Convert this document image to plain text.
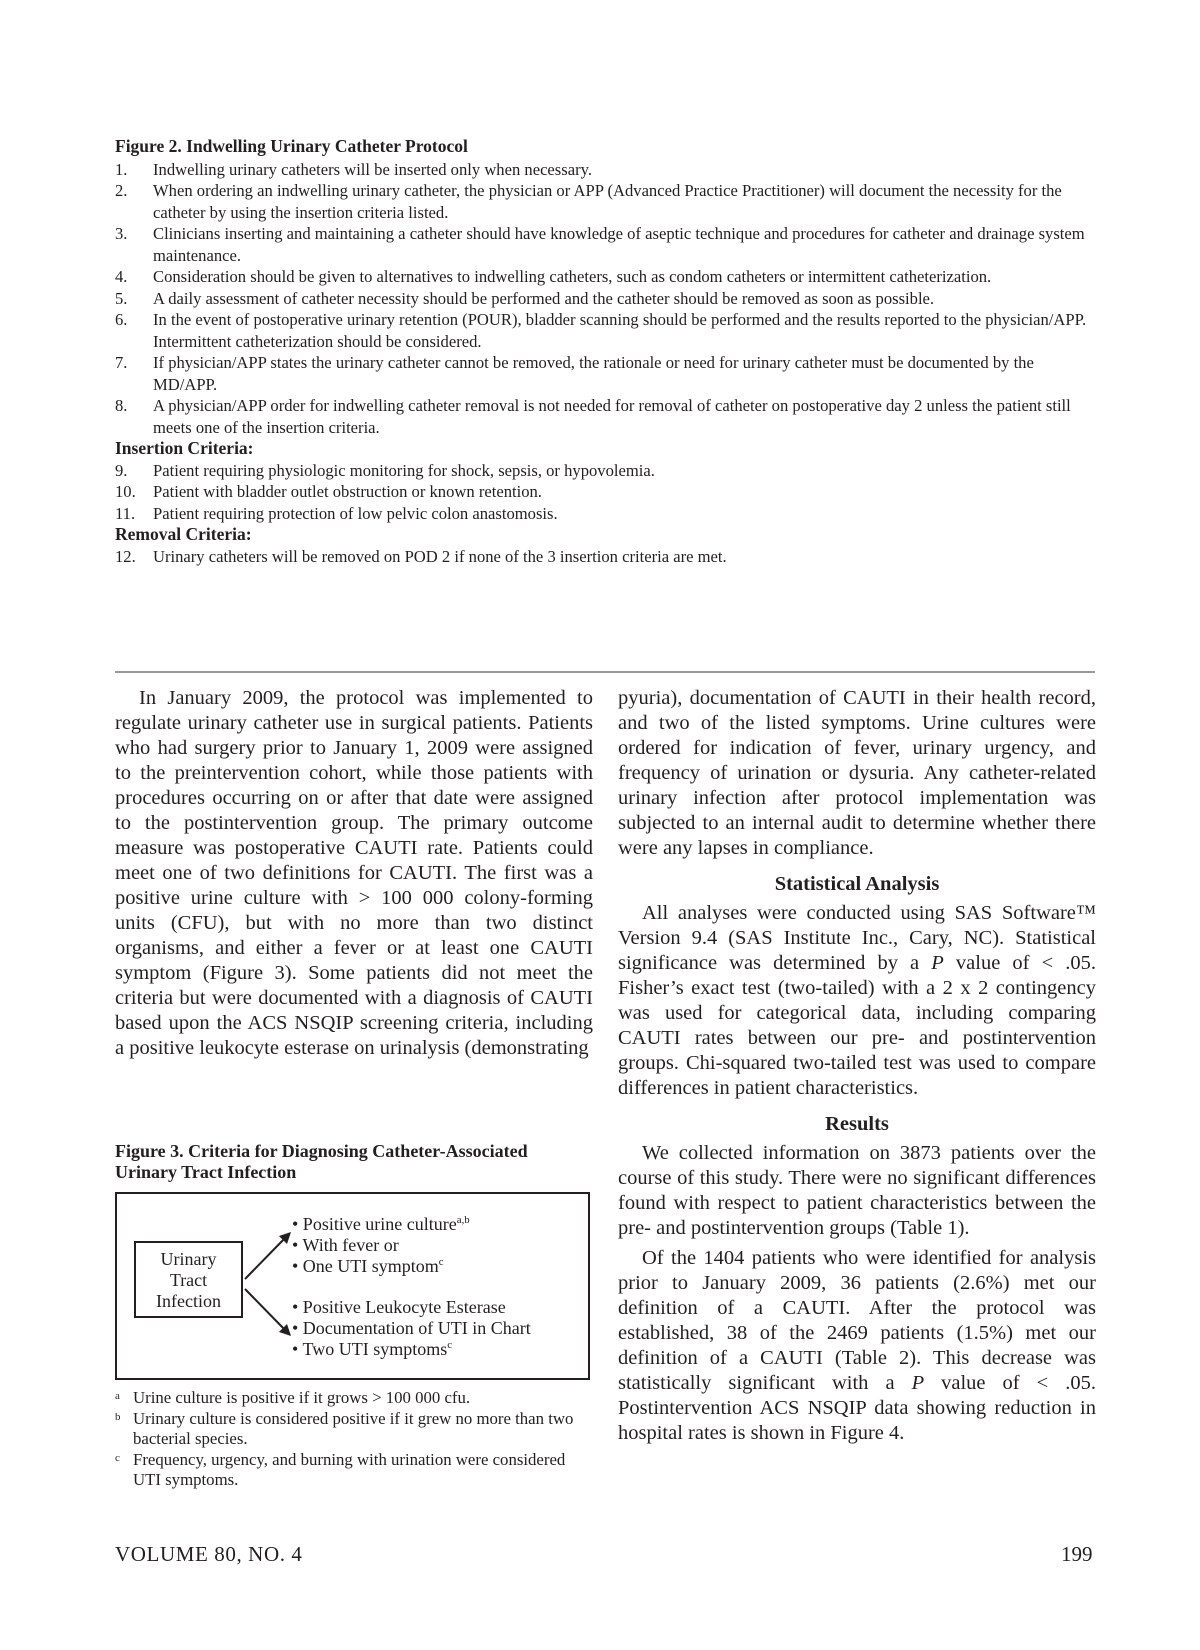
Figure 2. Indwelling Urinary Catheter Protocol
1.	Indwelling urinary catheters will be inserted only when necessary.
2.	When ordering an indwelling urinary catheter, the physician or APP (Advanced Practice Practitioner) will document the necessity for the catheter by using the insertion criteria listed.
3.	Clinicians inserting and maintaining a catheter should have knowledge of aseptic technique and procedures for catheter and drainage system maintenance.
4.	Consideration should be given to alternatives to indwelling catheters, such as condom catheters or intermittent catheterization.
5.	A daily assessment of catheter necessity should be performed and the catheter should be removed as soon as possible.
6.	In the event of postoperative urinary retention (POUR), bladder scanning should be performed and the results reported to the physician/APP. Intermittent catheterization should be considered.
7.	If physician/APP states the urinary catheter cannot be removed, the rationale or need for urinary catheter must be documented by the MD/APP.
8.	A physician/APP order for indwelling catheter removal is not needed for removal of catheter on postoperative day 2 unless the patient still meets one of the insertion criteria.
Insertion Criteria:
9.	Patient requiring physiologic monitoring for shock, sepsis, or hypovolemia.
10.	Patient with bladder outlet obstruction or known retention.
11.	Patient requiring protection of low pelvic colon anastomosis.
Removal Criteria:
12.	Urinary catheters will be removed on POD 2 if none of the 3 insertion criteria are met.

In January 2009, the protocol was implemented to regulate urinary catheter use in surgical patients. Patients who had surgery prior to January 1, 2009 were assigned to the preintervention cohort, while those patients with procedures occurring on or after that date were assigned to the postintervention group. The primary outcome measure was postoperative CAUTI rate. Patients could meet one of two definitions for CAUTI. The first was a positive urine culture with > 100 000 colony-forming units (CFU), but with no more than two distinct organisms, and either a fever or at least one CAUTI symptom (Figure 3). Some patients did not meet the criteria but were documented with a diagnosis of CAUTI based upon the ACS NSQIP screening criteria, including a positive leukocyte esterase on urinalysis (demonstrating

Figure 3. Criteria for Diagnosing Catheter-Associated Urinary Tract Infection
Urinary
Tract
Infection
• Positive urine culture$^{a,b}$
• With fever or
• One UTI symptom$^c$
• Positive Leukocyte Esterase
• Documentation of UTI in Chart
• Two UTI symptoms$^c$
a Urine culture is positive if it grows > 100 000 cfu.
b Urinary culture is considered positive if it grew no more than two bacterial species.
c Frequency, urgency, and burning with urination were considered UTI symptoms.

pyuria), documentation of CAUTI in their health record, and two of the listed symptoms. Urine cultures were ordered for indication of fever, urinary urgency, and frequency of urination or dysuria. Any catheter-related urinary infection after protocol implementation was subjected to an internal audit to determine whether there were any lapses in compliance.

Statistical Analysis

All analyses were conducted using SAS Software™ Version 9.4 (SAS Institute Inc., Cary, NC). Statistical significance was determined by a P value of < .05. Fisher’s exact test (two-tailed) with a 2 x 2 contingency was used for categorical data, including comparing CAUTI rates between our pre- and postintervention groups. Chi-squared two-tailed test was used to compare differences in patient characteristics.

Results

We collected information on 3873 patients over the course of this study. There were no significant differences found with respect to patient characteristics between the pre- and postintervention groups (Table 1).

Of the 1404 patients who were identified for analysis prior to January 2009, 36 patients (2.6%) met our definition of a CAUTI. After the protocol was established, 38 of the 2469 patients (1.5%) met our definition of a CAUTI (Table 2). This decrease was statistically significant with a P value of < .05. Postintervention ACS NSQIP data showing reduction in hospital rates is shown in Figure 4.

VOLUME 80, NO. 4	199
